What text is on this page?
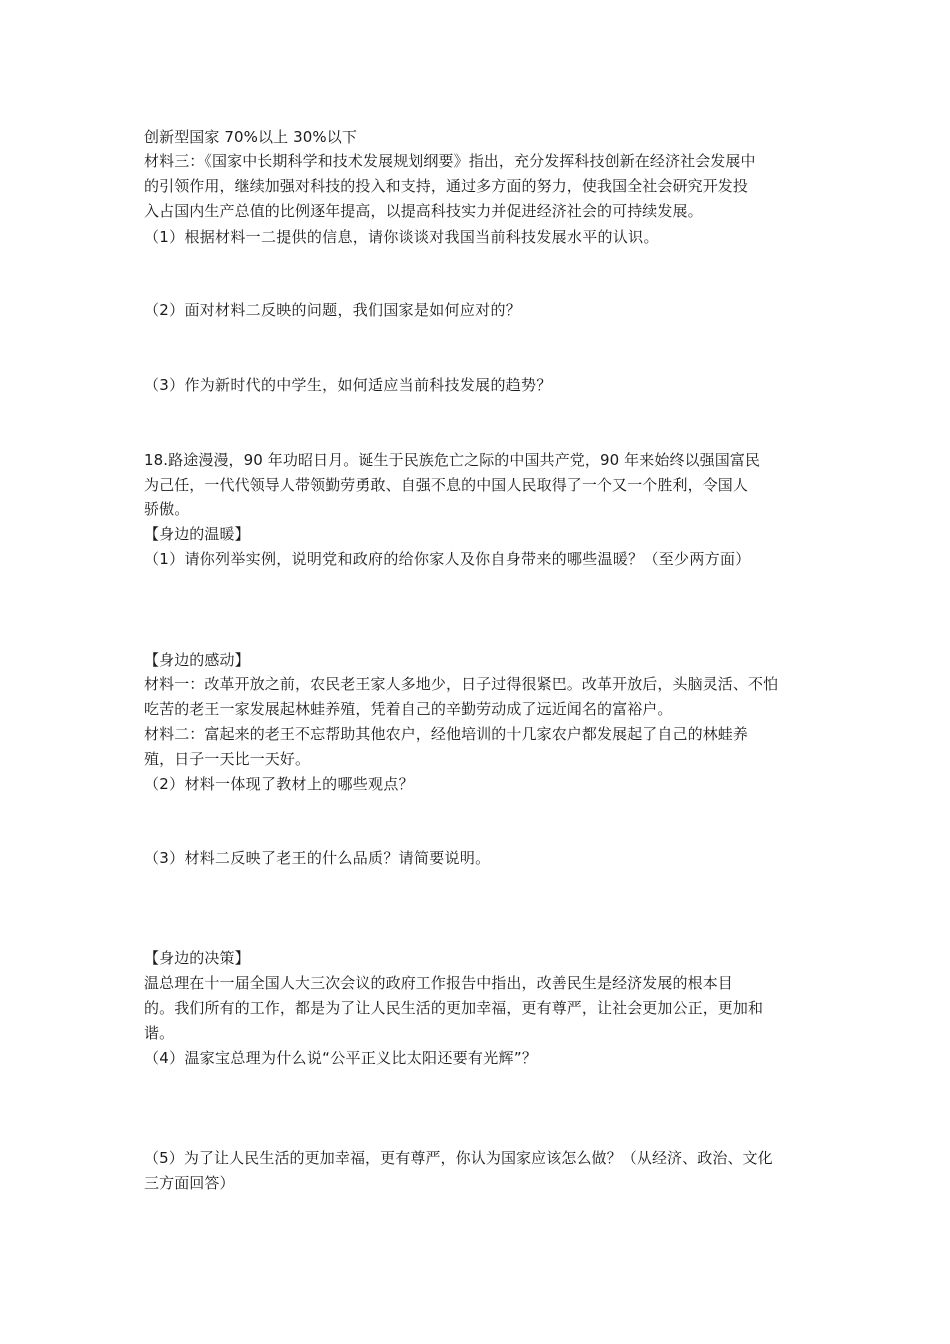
创新型国家 70%以上 30%以下
材料三：《国家中长期科学和技术发展规划纲要》指出，充分发挥科技创新在经济社会发展中
的引领作用，继续加强对科技的投入和支持，通过多方面的努力，使我国全社会研究开发投
入占国内生产总值的比例逐年提高，以提高科技实力并促进经济社会的可持续发展。
（1）根据材料一二提供的信息，请你谈谈对我国当前科技发展水平的认识。
（2）面对材料二反映的问题，我们国家是如何应对的？
（3）作为新时代的中学生，如何适应当前科技发展的趋势？
18.路途漫漫，90 年功昭日月。诞生于民族危亡之际的中国共产党，90 年来始终以强国富民
为己任，一代代领导人带领勤劳勇敢、自强不息的中国人民取得了一个又一个胜利，令国人
骄傲。
【身边的温暖】
（1）请你列举实例，说明党和政府的给你家人及你自身带来的哪些温暖？（至少两方面）
【身边的感动】
材料一：改革开放之前，农民老王家人多地少，日子过得很紧巴。改革开放后，头脑灵活、不怕
吃苦的老王一家发展起林蛙养殖，凭着自己的辛勤劳动成了远近闻名的富裕户。
材料二：富起来的老王不忘帮助其他农户，经他培训的十几家农户都发展起了自己的林蛙养
殖，日子一天比一天好。
（2）材料一体现了教材上的哪些观点？
（3）材料二反映了老王的什么品质？请简要说明。
【身边的决策】
温总理在十一届全国人大三次会议的政府工作报告中指出，改善民生是经济发展的根本目
的。我们所有的工作，都是为了让人民生活的更加幸福，更有尊严，让社会更加公正，更加和
谐。
（4）温家宝总理为什么说“公平正义比太阳还要有光辉”？
（5）为了让人民生活的更加幸福，更有尊严，你认为国家应该怎么做？（从经济、政治、文化
三方面回答）
